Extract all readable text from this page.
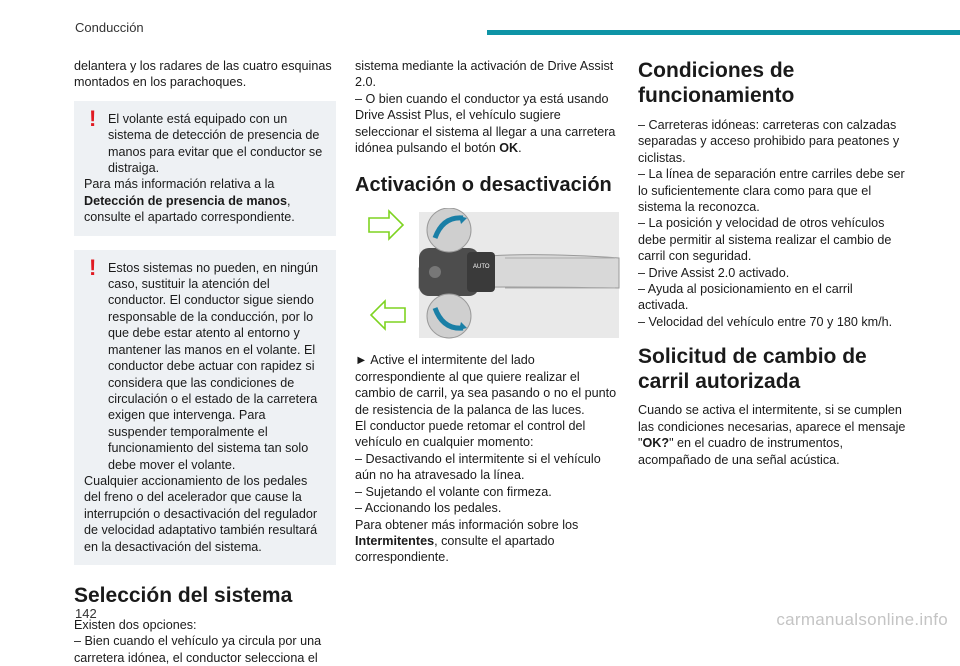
Conducción

delantera y los radares de las cuatro esquinas montados en los parachoques.

! El volante está equipado con un sistema de detección de presencia de manos para evitar que el conductor se distraiga.

Para más información relativa a la Detección de presencia de manos, consulte el apartado correspondiente.

! Estos sistemas no pueden, en ningún caso, sustituir la atención del conductor. El conductor sigue siendo responsable de la conducción, por lo que debe estar atento al entorno y mantener las manos en el volante. El conductor debe actuar con rapidez si considera que las condiciones de circulación o el estado de la carretera exigen que intervenga. Para suspender temporalmente el funcionamiento del sistema tan solo debe mover el volante.

Cualquier accionamiento de los pedales del freno o del acelerador que cause la interrupción o desactivación del regulador de velocidad adaptativo también resultará en la desactivación del sistema.

Selección del sistema

Existen dos opciones:

– Bien cuando el vehículo ya circula por una carretera idónea, el conductor selecciona el

sistema mediante la activación de Drive Assist 2.0.

– O bien cuando el conductor ya está usando Drive Assist Plus, el vehículo sugiere seleccionar el sistema al llegar a una carretera idónea pulsando el botón OK.

Activación o desactivación
AUTO

► Active el intermitente del lado correspondiente al que quiere realizar el cambio de carril, ya sea pasando o no el punto de resistencia de la palanca de las luces.

El conductor puede retomar el control del vehículo en cualquier momento:

– Desactivando el intermitente si el vehículo aún no ha atravesado la línea.

– Sujetando el volante con firmeza.

– Accionando los pedales.

Para obtener más información sobre los Intermitentes, consulte el apartado correspondiente.

Condiciones de funcionamiento

– Carreteras idóneas: carreteras con calzadas separadas y acceso prohibido para peatones y ciclistas.

– La línea de separación entre carriles debe ser lo suficientemente clara como para que el sistema la reconozca.

– La posición y velocidad de otros vehículos debe permitir al sistema realizar el cambio de carril con seguridad.

– Drive Assist 2.0 activado.

– Ayuda al posicionamiento en el carril activada.

– Velocidad del vehículo entre 70 y 180 km/h.

Solicitud de cambio de carril autorizada

Cuando se activa el intermitente, si se cumplen las condiciones necesarias, aparece el mensaje "OK?" en el cuadro de instrumentos, acompañado de una señal acústica.

142	carmanualsonline.info
